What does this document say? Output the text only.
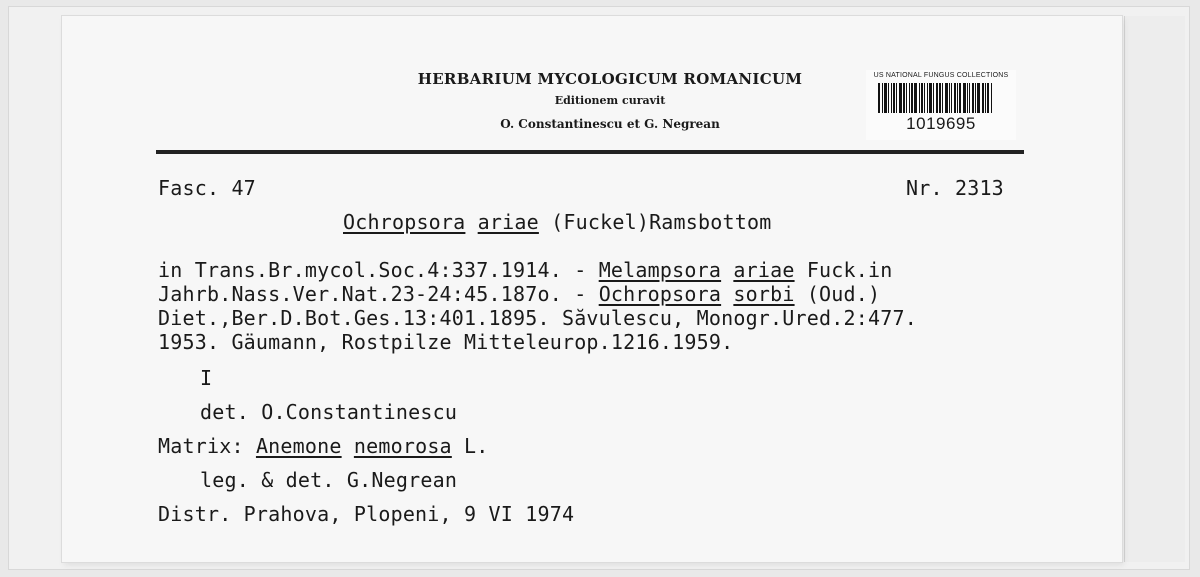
HERBARIUM MYCOLOGICUM ROMANICUM
Editionem curavit
O. Constantinescu et G. Negrean
US NATIONAL FUNGUS COLLECTIONS
1019695
Fasc. 47	Nr. 2313
Ochropsora ariae (Fuckel)Ramsbottom
in Trans.Br.mycol.Soc.4:337.1914. - Melampsora ariae Fuck.in
Jahrb.Nass.Ver.Nat.23-24:45.187o. - Ochropsora sorbi (Oud.)
Diet.,Ber.D.Bot.Ges.13:401.1895. Săvulescu, Monogr.Ured.2:477.
1953. Gäumann, Rostpilze Mitteleurop.1216.1959.
I
det. O.Constantinescu
Matrix: Anemone nemorosa L.
leg. & det. G.Negrean
Distr. Prahova, Plopeni, 9 VI 1974
